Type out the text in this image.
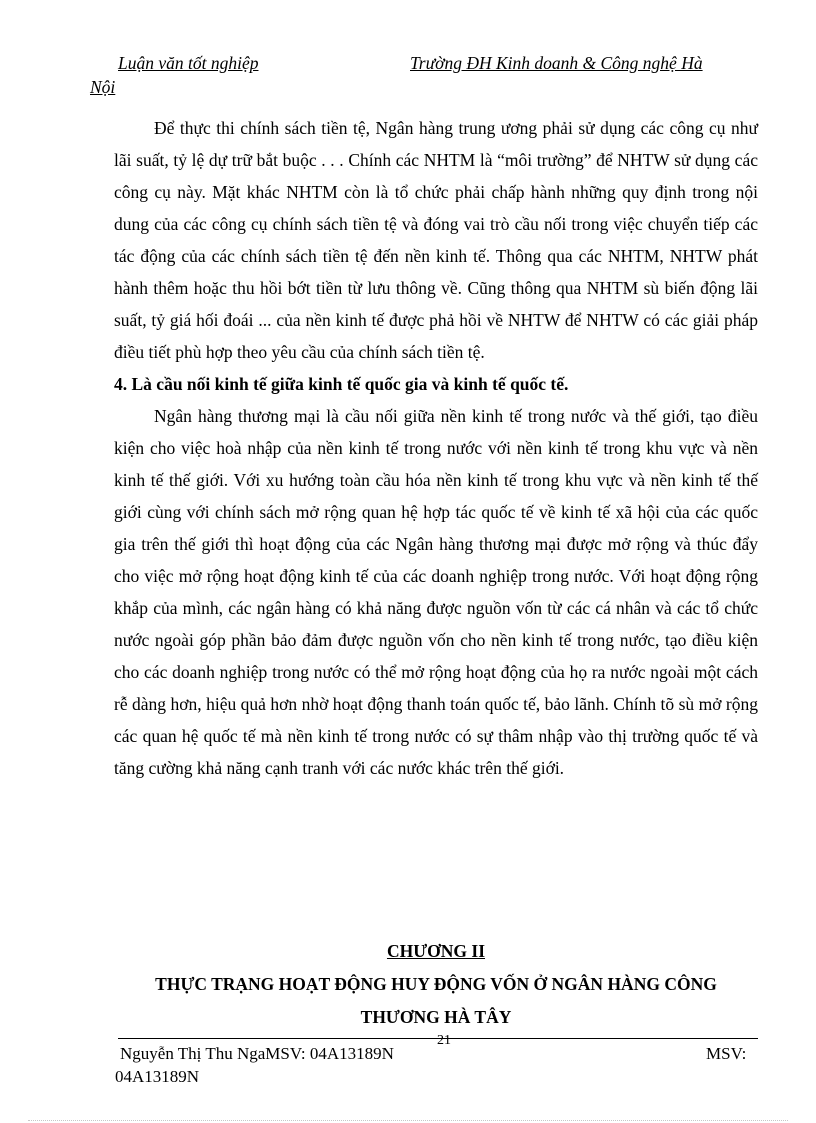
Luận văn tốt nghiệp	Trường ĐH Kinh doanh & Công nghệ Hà
Nội

Để thực thi chính sách tiền tệ, Ngân hàng trung ương phải sử dụng các công cụ như lãi suất, tỷ lệ dự trữ bắt buộc . . . Chính các NHTM là “môi trường” để NHTW sử dụng các công cụ này. Mặt khác NHTM còn là tổ chức phải chấp hành những quy định trong nội dung của các công cụ chính sách tiền tệ và đóng vai trò cầu nối trong việc chuyển tiếp các tác động của các chính sách tiền tệ đến nền kinh tế. Thông qua các NHTM, NHTW phát hành thêm hoặc thu hồi bớt tiền từ lưu thông về. Cũng thông qua NHTM sù biến động lãi suất, tỷ giá hối đoái ... của nền kinh tế được phả hồi về NHTW để NHTW có các giải pháp điều tiết phù hợp theo yêu cầu của chính sách tiền tệ.

4. Là cầu nối kinh tế giữa kinh tế quốc gia và kinh tế quốc tế.

Ngân hàng thương mại là cầu nối giữa nền kinh tế trong nước và thế giới, tạo điều kiện cho việc hoà nhập của nền kinh tế trong nước với nền kinh tế trong khu vực và nền kinh tế thế giới. Với xu hướng toàn cầu hóa nền kinh tế trong khu vực và nền kinh tế thế giới cùng với chính sách mở rộng quan hệ hợp tác quốc tế về kinh tế xã hội của các quốc gia trên thế giới thì hoạt động của các Ngân hàng thương mại được mở rộng và thúc đẩy cho việc mở rộng hoạt động kinh tế của các doanh nghiệp trong nước. Với hoạt động rộng khắp của mình, các ngân hàng có khả năng được nguồn vốn từ các cá nhân và các tổ chức nước ngoài góp phần bảo đảm được nguồn vốn cho nền kinh tế trong nước, tạo điều kiện cho các doanh nghiệp trong nước có thể mở rộng hoạt động của họ ra nước ngoài một cách rễ dàng hơn, hiệu quả hơn nhờ hoạt động thanh toán quốc tế, bảo lãnh. Chính tõ sù mở rộng các quan hệ quốc tế mà nền kinh tế trong nước có sự thâm nhập vào thị trường quốc tế và tăng cường khả năng cạnh tranh với các nước khác trên thế giới.

CHƯƠNG II
THỰC TRẠNG HOẠT ĐỘNG HUY ĐỘNG VỐN Ở NGÂN HÀNG CÔNG THƯƠNG HÀ TÂY
21
Nguyễn Thị Thu NgaMSV: 04A13189N	MSV:
04A13189N
